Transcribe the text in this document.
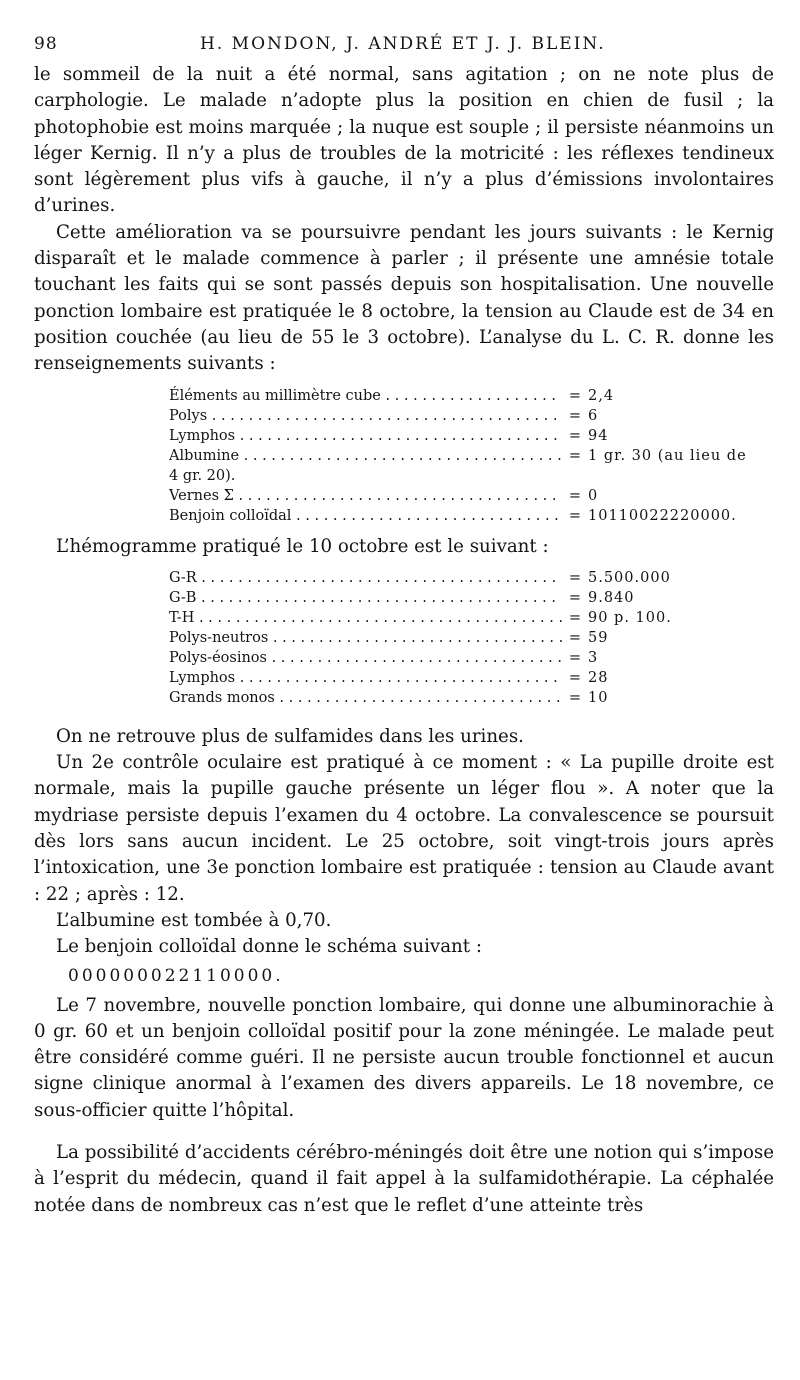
98	H. MONDON, J. ANDRÉ ET J. J. BLEIN.

le sommeil de la nuit a été normal, sans agitation ; on ne note plus de carphologie. Le malade n’adopte plus la position en chien de fusil ; la photophobie est moins marquée ; la nuque est souple ; il persiste néanmoins un léger Kernig. Il n’y a plus de troubles de la motricité : les réflexes tendineux sont légèrement plus vifs à gauche, il n’y a plus d’émissions involontaires d’urines.

Cette amélioration va se poursuivre pendant les jours suivants : le Kernig disparaît et le malade commence à parler ; il présente une amnésie totale touchant les faits qui se sont passés depuis son hospitalisation. Une nouvelle ponction lombaire est pratiquée le 8 octobre, la tension au Claude est de 34 en position couchée (au lieu de 55 le 3 octobre). L’analyse du L. C. R. donne les renseignements suivants :

Éléments au millimètre cube . . .	= 2,4
Polys . . .	= 6
Lymphos . . .	= 94
Albumine . . .	= 1 gr. 30 (au lieu de
4 gr. 20).
Vernes Σ . . .	= 0
Benjoin colloïdal . . .	= 10110022220000.

L’hémogramme pratiqué le 10 octobre est le suivant :

G-R . . .	= 5.500.000
G-B . . .	= 9.840
T-H . . .	= 90 p. 100.
Polys-neutros . . .	= 59
Polys-éosinos . . .	= 3
Lymphos . . .	= 28
Grands monos . . .	= 10

On ne retrouve plus de sulfamides dans les urines.

Un 2e contrôle oculaire est pratiqué à ce moment : « La pupille droite est normale, mais la pupille gauche présente un léger flou ». A noter que la mydriase persiste depuis l’examen du 4 octobre. La convalescence se poursuit dès lors sans aucun incident. Le 25 octobre, soit vingt-trois jours après l’intoxication, une 3e ponction lombaire est pratiquée : tension au Claude avant : 22 ; après : 12.

L’albumine est tombée à 0,70.

Le benjoin colloïdal donne le schéma suivant :

000000022110000.

Le 7 novembre, nouvelle ponction lombaire, qui donne une albuminorachie à 0 gr. 60 et un benjoin colloïdal positif pour la zone méningée. Le malade peut être considéré comme guéri. Il ne persiste aucun trouble fonctionnel et aucun signe clinique anormal à l’examen des divers appareils. Le 18 novembre, ce sous-officier quitte l’hôpital.

La possibilité d’accidents cérébro-méningés doit être une notion qui s’impose à l’esprit du médecin, quand il fait appel à la sulfamidothérapie. La céphalée notée dans de nombreux cas n’est que le reflet d’une atteinte très
